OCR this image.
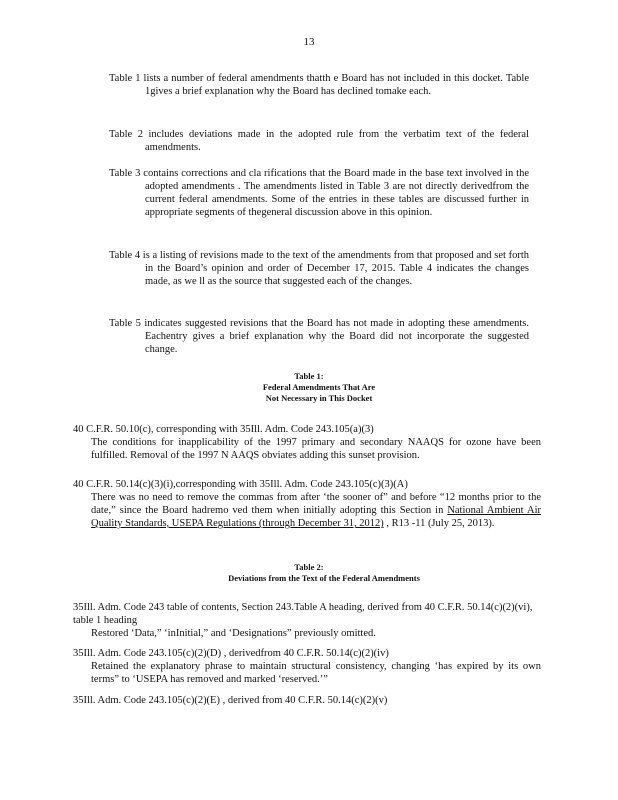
13
Table 1 lists a number of federal amendments thatth e Board has not included in this docket. Table 1gives a brief explanation why the Board has declined tomake each.
Table 2 includes deviations made in the adopted rule from the verbatim text of the federal amendments.
Table 3 contains corrections and cla rifications that the Board made in the base text involved in the adopted amendments . The amendments listed in Table 3 are not directly derivedfrom the current federal amendments. Some of the entries in these tables are discussed further in appropriate segments of thegeneral discussion above in this opinion.
Table 4 is a listing of revisions made to the text of the amendments from that proposed and set forth in the Board’s opinion and order of December 17, 2015. Table 4 indicates the changes made, as we ll as the source that suggested each of the changes.
Table 5 indicates suggested revisions that the Board has not made in adopting these amendments. Eachentry gives a brief explanation why the Board did not incorporate the suggested change.
Table 1:
Federal Amendments That Are
Not Necessary in This Docket
40 C.F.R. 50.10(c), corresponding with 35Ill. Adm. Code 243.105(a)(3)
The conditions for inapplicability of the 1997 primary and secondary NAAQS for ozone have been fulfilled. Removal of the 1997 N AAQS obviates adding this sunset provision.
40 C.F.R. 50.14(c)(3)(i),corresponding with 35Ill. Adm. Code 243.105(c)(3)(A)
There was no need to remove the commas from after ‘the sooner of” and before “12 months prior to the date,” since the Board hadremo ved them when initially adopting this Section in National Ambient Air Quality Standards, USEPA Regulations (through December 31, 2012) , R13 -11 (July 25, 2013).
Table 2:
Deviations from the Text of the Federal Amendments
35Ill. Adm. Code 243 table of contents, Section 243.Table A heading, derived from 40 C.F.R. 50.14(c)(2)(vi), table 1 heading
Restored ‘Data,” ‘inInitial,” and ‘Designations” previously omitted.
35Ill. Adm. Code 243.105(c)(2)(D) , derivedfrom 40 C.F.R. 50.14(c)(2)(iv)
Retained the explanatory phrase to maintain structural consistency, changing ‘has expired by its own terms” to ‘USEPA has removed and marked ‘reserved.’”
35Ill. Adm. Code 243.105(c)(2)(E) , derived from 40 C.F.R. 50.14(c)(2)(v)
